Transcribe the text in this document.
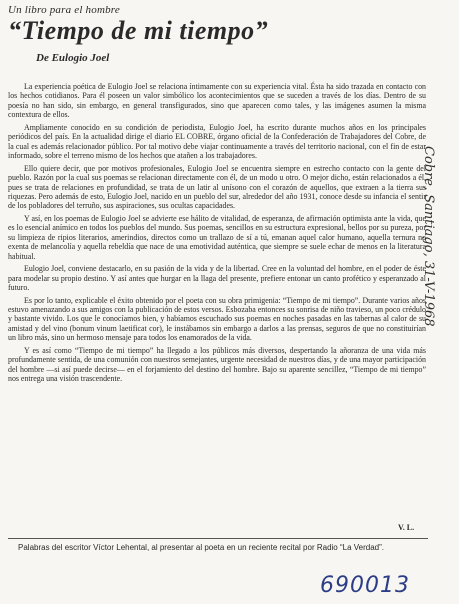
Un libro para el hombre
“Tiempo de mi tiempo”
De Eulogio Joel

La experiencia poética de Eulogio Joel se relaciona íntimamente con su experiencia vital. Ésta ha sido trazada en contacto con los hechos cotidianos. Para él poseen un valor simbólico los acontecimientos que se suceden a través de los días. Dentro de su poesía no han sido, sin embargo, en general transfigurados, sino que aparecen como tales, y las imágenes asumen la misma contextura de ellos.

Ampliamente conocido en su condición de periodista, Eulogio Joel, ha escrito durante muchos años en los principales periódicos del país. En la actualidad dirige el diario EL COBRE, órgano oficial de la Confederación de Trabajadores del Cobre, de la cual es además relacionador público. Por tal motivo debe viajar continuamente a través del territorio nacional, con el fin de estar informado, sobre el terreno mismo de los hechos que atañen a los trabajadores.

Ello quiere decir, que por motivos profesionales, Eulogio Joel se encuentra siempre en estrecho contacto con la gente del pueblo. Razón por la cual sus poemas se relacionan directamente con él, de un modo u otro. O mejor dicho, están relacionados a él, pues se trata de relaciones en profundidad, se trata de un latir al unísono con el corazón de aquellos, que extraen a la tierra sus riquezas. Pero además de esto, Eulogio Joel, nacido en un pueblo del sur, alrededor del año 1931, conoce desde su infancia el sentir de los pobladores del terruño, sus aspiraciones, sus ocultas capacidades.

Y así, en los poemas de Eulogio Joel se advierte ese hálito de vitalidad, de esperanza, de afirmación optimista ante la vida, que es lo esencial anímico en todos los pueblos del mundo. Sus poemas, sencillos en su estructura expresional, bellos por su pureza, por su limpieza de ripios literarios, amerindios, directos como un trallazo de sí a tú, emanan aquel calor humano, aquella ternura no exenta de melancolía y aquella rebeldía que nace de una emotividad auténtica, que siempre se suele echar de menos en la literatura habitual.

Eulogio Joel, conviene destacarlo, en su pasión de la vida y de la libertad. Cree en la voluntad del hombre, en el poder de éste para modelar su propio destino. Y así antes que hurgar en la llaga del presente, prefiere entonar un canto profético y esperanzado al futuro.

Es por lo tanto, explicable el éxito obtenido por el poeta con su obra primigenia: “Tiempo de mi tiempo”. Durante varios años estuvo amenazando a sus amigos con la publicación de estos versos. Esbozaba entonces su sonrisa de niño travieso, un poco crédulo y bastante vivido. Los que le conocíamos bien, y habíamos escuchado sus poemas en noches pasadas en las tabernas al calor de su amistad y del vino (bonum vinum laetificat cor), le instábamos sin embargo a darlos a las prensas, seguros de que no constituirían un libro más, sino un hermoso mensaje para todos los enamorados de la vida.

Y es así como “Tiempo de mi tiempo” ha llegado a los públicos más diversos, despertando la añoranza de una vida más profundamente sentida, de una comunión con nuestros semejantes, urgente necesidad de nuestros días, y de una mayor participación del hombre —si así puede decirse— en el forjamiento del destino del hombre. Bajo su aparente sencillez, “Tiempo de mi tiempo” nos entrega una visión trascendente.

V. L.
Palabras del escritor Víctor Lehental, al presentar al poeta en un reciente recital por Radio “La Verdad”.
Cobre, Santiago, 31-V-1968
690013
